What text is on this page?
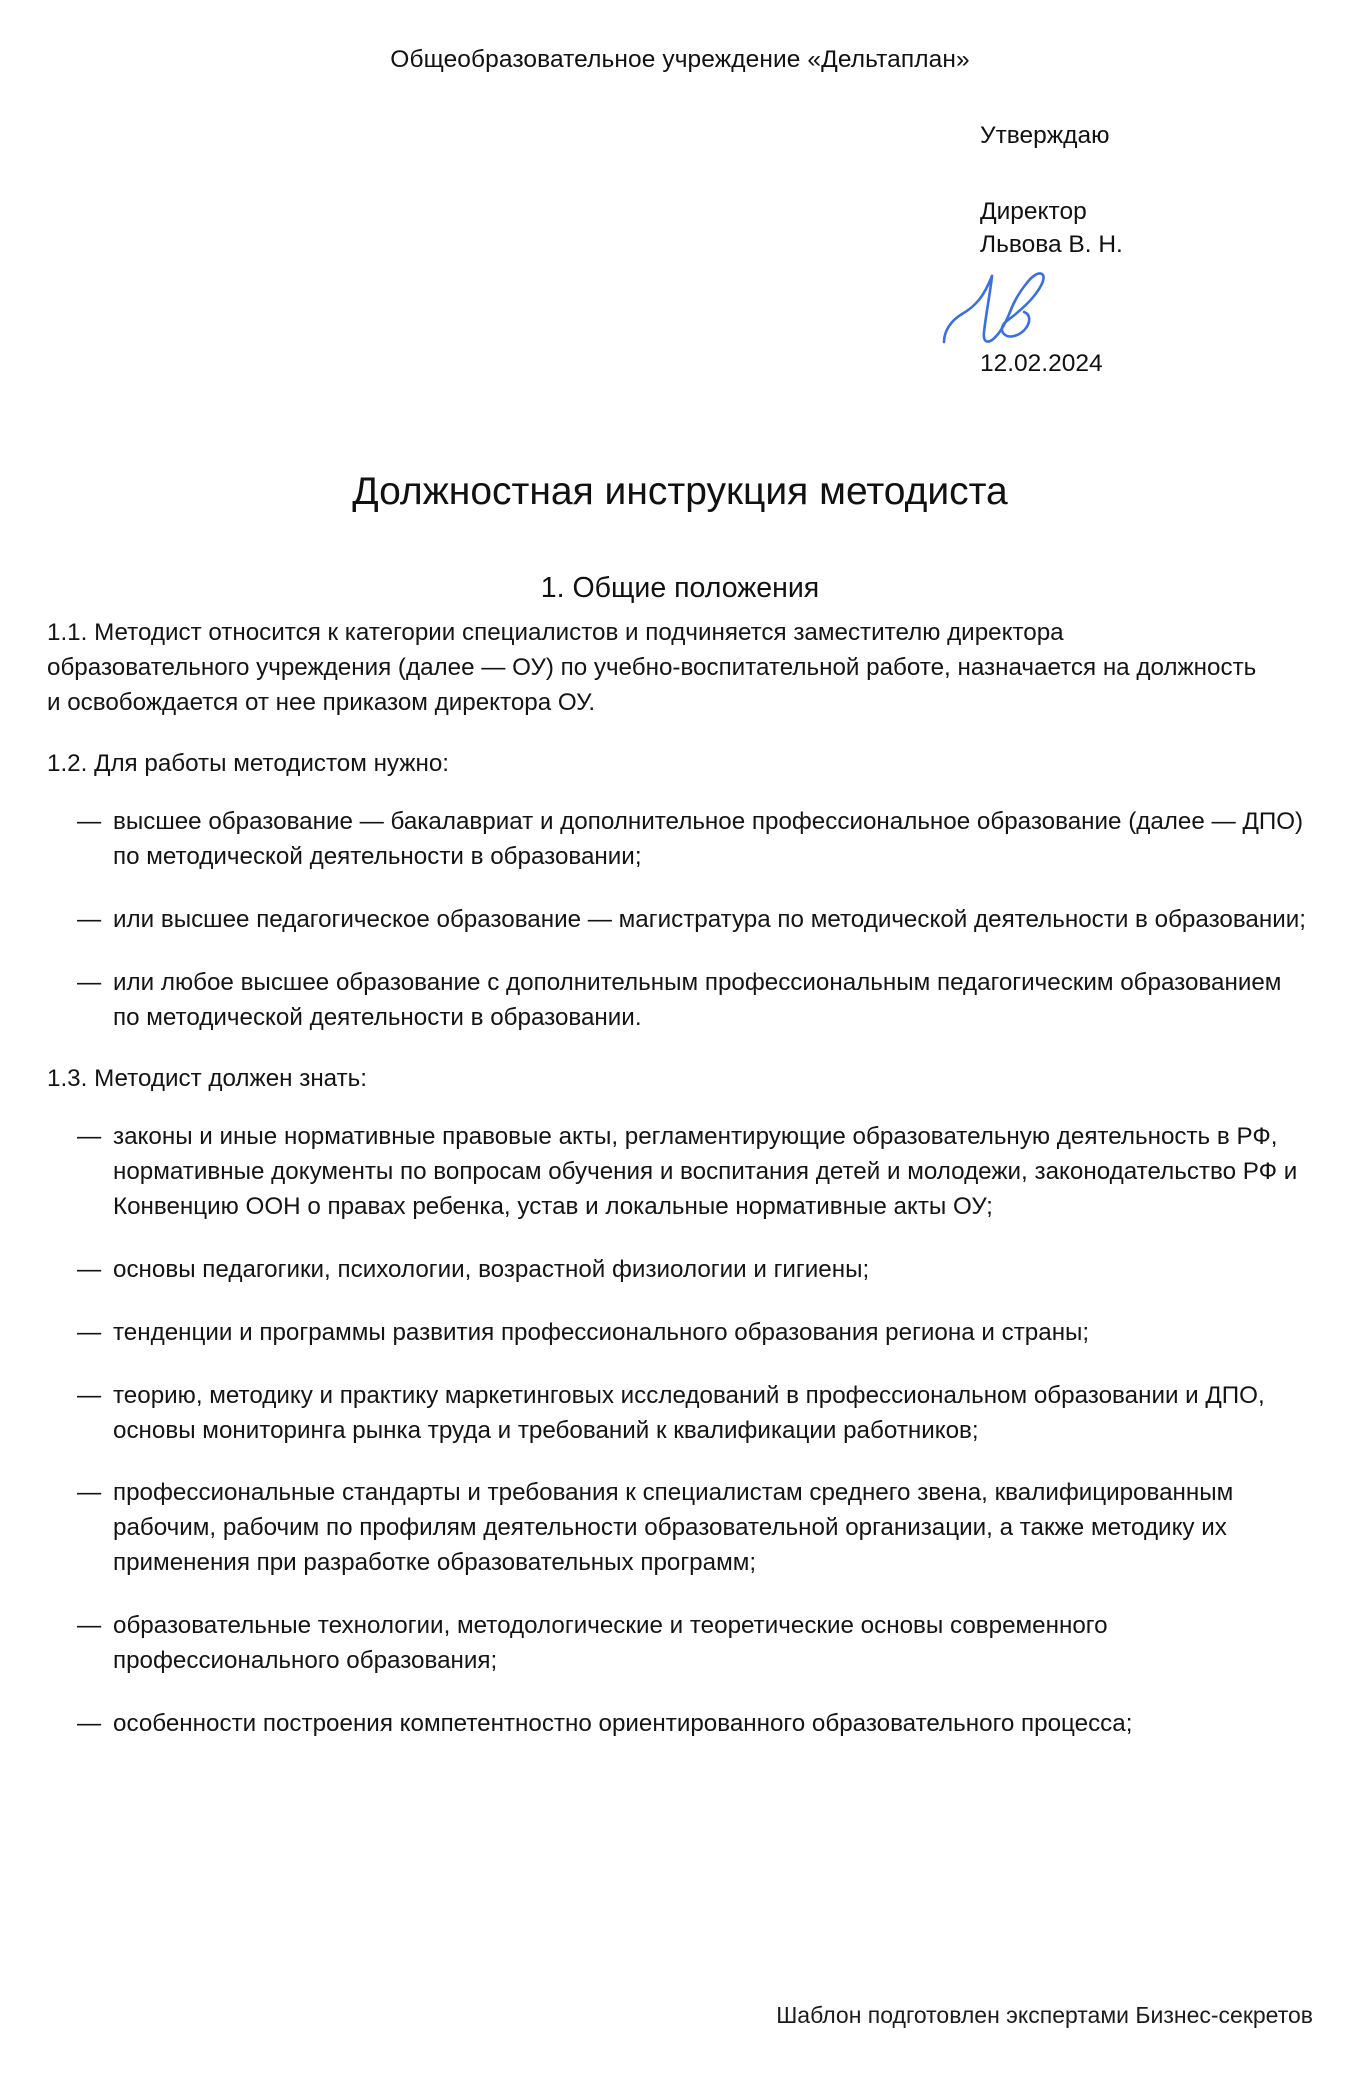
Общеобразовательное учреждение «Дельтаплан»
Утверждаю
Директор
Львова В. Н.
12.02.2024
Должностная инструкция методиста
1. Общие положения

1.1. Методист относится к категории специалистов и подчиняется заместителю директора образовательного учреждения (далее — ОУ) по учебно-воспитательной работе, назначается на должность и освобождается от нее приказом директора ОУ.

1.2. Для работы методистом нужно:

— высшее образование — бакалавриат и дополнительное профессиональное образование (далее — ДПО) по методической деятельности в образовании;
— или высшее педагогическое образование — магистратура по методической деятельности в образовании;
— или любое высшее образование с дополнительным профессиональным педагогическим образованием по методической деятельности в образовании.

1.3. Методист должен знать:

— законы и иные нормативные правовые акты, регламентирующие образовательную деятельность в РФ, нормативные документы по вопросам обучения и воспитания детей и молодежи, законодательство РФ и Конвенцию ООН о правах ребенка, устав и локальные нормативные акты ОУ;
— основы педагогики, психологии, возрастной физиологии и гигиены;
— тенденции и программы развития профессионального образования региона и страны;
— теорию, методику и практику маркетинговых исследований в профессиональном образовании и ДПО, основы мониторинга рынка труда и требований к квалификации работников;
— профессиональные стандарты и требования к специалистам среднего звена, квалифицированным рабочим, рабочим по профилям деятельности образовательной организации, а также методику их применения при разработке образовательных программ;
— образовательные технологии, методологические и теоретические основы современного профессионального образования;
— особенности построения компетентностно ориентированного образовательного процесса;
Шаблон подготовлен экспертами Бизнес-секретов
